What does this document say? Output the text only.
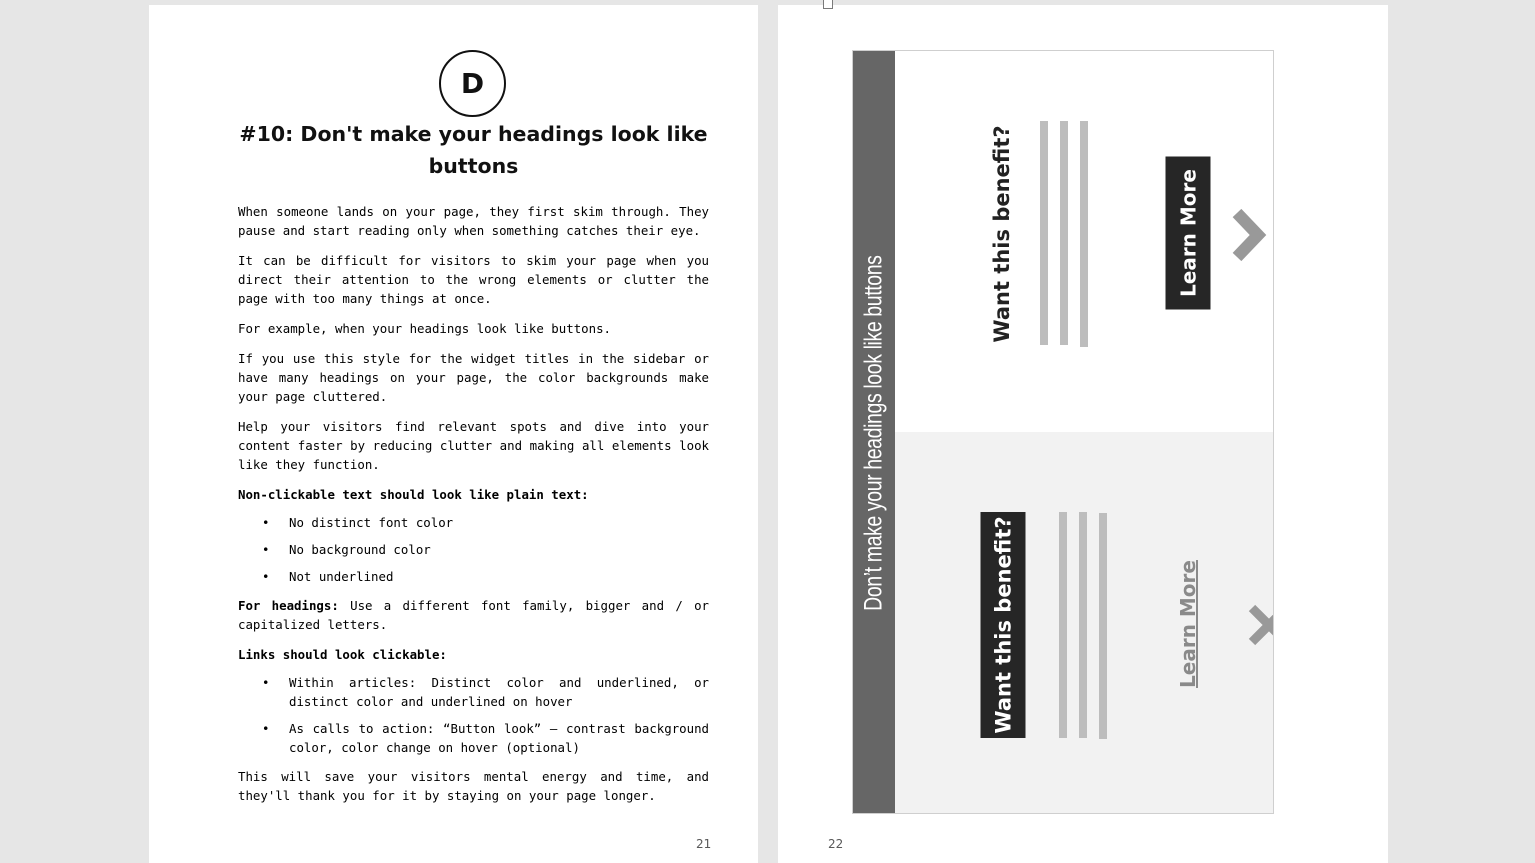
D
#10: Don't make your headings look like buttons

When someone lands on your page, they first skim through. They pause and start reading only when something catches their eye.

It can be difficult for visitors to skim your page when you direct their attention to the wrong elements or clutter the page with too many things at once.

For example, when your headings look like buttons.

If you use this style for the widget titles in the sidebar or have many headings on your page, the color backgrounds make your page cluttered.

Help your visitors find relevant spots and dive into your content faster by reducing clutter and making all elements look like they function.

Non-clickable text should look like plain text:

• No distinct font color
• No background color
• Not underlined

For headings: Use a different font family, bigger and / or capitalized letters.

Links should look clickable:

• Within articles: Distinct color and underlined, or distinct color and underlined on hover
• As calls to action: “Button look” – contrast background color, color change on hover (optional)

This will save your visitors mental energy and time, and they'll thank you for it by staying on your page longer.

21
Don’t make your headings look like buttons
Want this benefit?	Learn More
Want this benefit?	Learn More
22
